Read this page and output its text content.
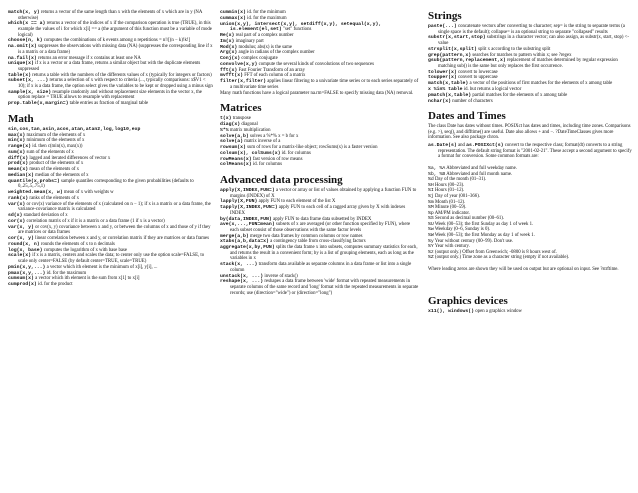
match(x, y) returns a vector of the same length than x with the elements of x which are in y (NA otherwise)
which(x == a) returns a vector of the indices of x if the comparison operation is true (TRUE), in this example the values of i for which x[i] == a (the argument of this function must be a variable of mode logical)
choose(n, k) computes the combinations of k events among n repetitions = n!/[(n − k)!k!]
na.omit(x) suppresses the observations with missing data (NA) (suppresses the corresponding line if x is a matrix or a data frame)
na.fail(x) returns an error message if x contains at least one NA
unique(x) if x is a vector or a data frame, returns a similar object but with the duplicate elements suppressed
table(x) returns a table with the numbers of the differents values of x (typically for integers or factors)
subset(x, ...) returns a selection of x with respect to criteria (..., typically comparisons: x$V1 < 10); if x is a data frame, the option select gives the variables to be kept or dropped using a minus sign
sample(x, size) resample randomly and without replacement size elements in the vector x, the option replace = TRUE allows to resample with replacement
prop.table(x,margin=) table entries as fraction of marginal table
Math
sin,cos,tan,asin,acos,atan,atan2,log,log10,exp
max(x) maximum of the elements of x
min(x) minimum of the elements of x
range(x) id. then c(min(x), max(x))
sum(x) sum of the elements of x
diff(x) lagged and iterated differences of vector x
prod(x) product of the elements of x
mean(x) mean of the elements of x
median(x) median of the elements of x
quantile(x,probs=) sample quantiles corresponding to the given probabilities (defaults to 0,.25,.5,.75,1)
weighted.mean(x, w) mean of x with weights w
rank(x) ranks of the elements of x
var(x) or cov(x) variance of the elements of x (calculated on n − 1); if x is a matrix or a data frame, the variance-covariance matrix is calculated
sd(x) standard deviation of x
cor(x) correlation matrix of x if it is a matrix or a data frame (1 if x is a vector)
var(x, y) or cov(x, y) covariance between x and y, or between the columns of x and those of y if they are matrices or data frames
cor(x, y) linear correlation between x and y, or correlation matrix if they are matrices or data frames
round(x, n) rounds the elements of x to n decimals
log(x, base) computes the logarithm of x with base base
scale(x) if x is a matrix, centers and scales the data; to center only use the option scale=FALSE, to scale only center=FALSE (by default center=TRUE, scale=TRUE)
pmin(x,y,...) a vector which ith element is the minimum of x[i], y[i], ...
pmax(x,y,...) id. for the maximum
cumsum(x) a vector which ith element is the sum from x[1] to x[i]
cumprod(x) id. for the product
cummin(x) id. for the minimum
cummax(x) id. for the maximum
union(x,y), intersect(x,y), setdiff(x,y), setequal(x,y), is.element(el,set) "set" functions
Re(x) real part of a complex number
Im(x) imaginary part
Mod(x) modulus; abs(x) is the same
Arg(x) angle in radians of the complex number
Conj(x) complex conjugate
convolve(x,y) compute the several kinds of convolutions of two sequences
fft(x) Fast Fourier Transform of an array
mvfft(x) FFT of each column of a matrix
filter(x,filter) applies linear filtering to a univariate time series or to each series separately of a multivariate time series
Many math functions have a logical parameter na.rm=FALSE to specify missing data (NA) removal.
Matrices
t(x) transpose
diag(x) diagonal
%*% matrix multiplication
solve(a,b) solves a %*% x = b for x
solve(a) matrix inverse of a
rowsum(x) sum of rows for a matrix-like object; rowSums(x) is a faster version
colsum(x), colSums(x) id. for columns
rowMeans(x) fast version of row means
colMeans(x) id. for columns
Advanced data processing
apply(X,INDEX,FUN=) a vector or array or list of values obtained by applying a function FUN to margins (INDEX) of X
lapply(X,FUN) apply FUN to each element of the list X
tapply(X,INDEX,FUN=) apply FUN to each cell of a ragged array given by X with indexes INDEX
by(data,INDEX,FUN) apply FUN to data frame data subsetted by INDEX
ave(x,...,FUN=mean) subsets of x are averaged (or other function specified by FUN), where each subset consist of those observations with the same factor levels
merge(a,b) merge two data frames by common columns or row names
xtabs(a,b,data=x) a contingency table from cross-classifying factors
aggregate(x,by,FUN) splits the data frame x into subsets, computes summary statistics for each, and returns the result in a convenient form; by is a list of grouping elements, each as long as the variables in x
stack(x, ...) transform data available as separate columns in a data frame or list into a single column
unstack(x, ...) inverse of stack()
reshape(x, ...) reshapes a data frame between 'wide' format with repeated measurements in separate columns of the same record and 'long' format with the repeated measurements in separate records; use (direction="wide") or (direction="long")
Strings
paste(...) concatenate vectors after converting to character; sep= is the string to separate terms (a single space is the default); collapse= is an optional string to separate "collapsed" results
substr(x,start,stop) substrings in a character vector; can also assign, as substr(x, start, stop) <- value
strsplit(x,split) split x according to the substring split
grep(pattern,x) searches for matches to pattern within x; see ?regex
gsub(pattern,replacement,x) replacement of matches determined by regular expression matching sub() is the same but only replaces the first occurrence.
tolower(x) convert to lowercase
toupper(x) convert to uppercase
match(x,table) a vector of the positions of first matches for the elements of x among table
x %in% table id. but returns a logical vector
pmatch(x,table) partial matches for the elements of x among table
nchar(x) number of characters
Dates and Times
The class Date has dates without times. POSIXct has dates and times, including time zones. Comparisons (e.g. >), seq(), and difftime() are useful. Date also allows + and −. ?DateTimeClasses gives more information. See also package chron.
as.Date(s) and as.POSIXct(s) convert to the respective class; format(dt) converts to a string representation. The default string format is "2001-02-21". These accept a second argument to specify a format for conversion. Some common formats are:
%a, %A Abbreviated and full weekday name.
%b, %B Abbreviated and full month name.
%d Day of the month (01–31).
%H Hours (00–23).
%I Hours (01–12).
%j Day of year (001–366).
%m Month (01–12).
%M Minute (00–59).
%p AM/PM indicator.
%S Second as decimal number (00–61).
%U Week (00–53); the first Sunday as day 1 of week 1.
%w Weekday (0–6, Sunday is 0).
%W Week (00–53); the first Monday as day 1 of week 1.
%y Year without century (00–99). Don't use.
%Y Year with century.
%z (output only.) Offset from Greenwich; -0800 is 8 hours west of.
%Z (output only.) Time zone as a character string (empty if not available).
Where leading zeros are shown they will be used on output but are optional on input. See ?strftime.
Graphics devices
x11(), windows() open a graphics window
